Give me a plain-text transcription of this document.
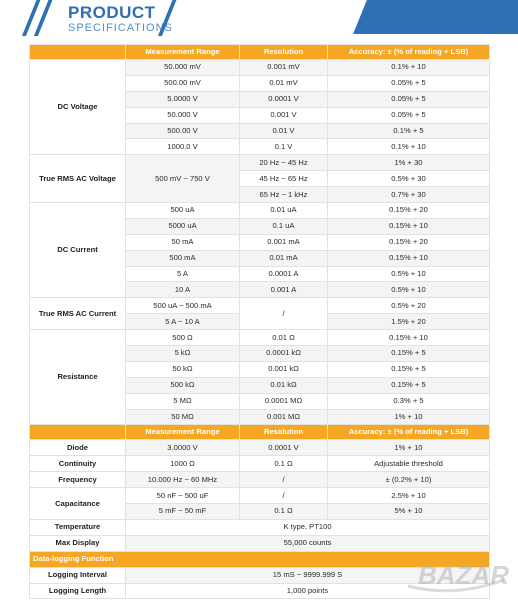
PRODUCT
SPECIFICATIONS
	Measurement Range	Resolution	Accuracy: ± (% of reading + LSB)
DC Voltage	50.000 mV	0.001 mV	0.1% + 10
	500.00 mV	0.01 mV	0.05% + 5
	5.0000 V	0.0001 V	0.05% + 5
	50.000 V	0.001 V	0.05% + 5
	500.00 V	0.01 V	0.1% + 5
	1000.0 V	0.1 V	0.1% + 10
True RMS AC Voltage	500 mV ~ 750 V	20 Hz ~ 45 Hz	1% + 30
		45 Hz ~ 65 Hz	0.5% + 30
		65 Hz ~ 1 kHz	0.7% + 30
DC Current	500 uA	0.01 uA	0.15% + 20
	5000 uA	0.1 uA	0.15% + 10
	50 mA	0.001 mA	0.15% + 20
	500 mA	0.01 mA	0.15% + 10
	5 A	0.0001 A	0.5% + 10
	10 A	0.001 A	0.5% + 10
True RMS AC Current	500 uA ~ 500 mA	/	0.5% + 20
	5 A ~ 10 A		1.5% + 20
Resistance	500 Ω	0.01 Ω	0.15% + 10
	5 kΩ	0.0001 kΩ	0.15% + 5
	50 kΩ	0.001 kΩ	0.15% + 5
	500 kΩ	0.01 kΩ	0.15% + 5
	5 MΩ	0.0001 MΩ	0.3% + 5
	50 MΩ	0.001 MΩ	1% + 10
	Measurement Range	Resolution	Accuracy: ± (% of reading + LSB)
Diode	3.0000 V	0.0001 V	1% + 10
Continuity	1000 Ω	0.1 Ω	Adjustable threshold
Frequency	10.000 Hz ~ 60 MHz	/	± (0.2% + 10)
Capacitance	50 nF ~ 500 uF	/	2.5% + 10
	5 mF ~ 50 mF	0.1 Ω	5% + 10
Temperature	K type, PT100		
Max Display	55,000 counts		
Data-logging Function			
Logging Interval	15 mS ~ 9999.999 S		
Logging Length	1,000 points		
BAZAR
